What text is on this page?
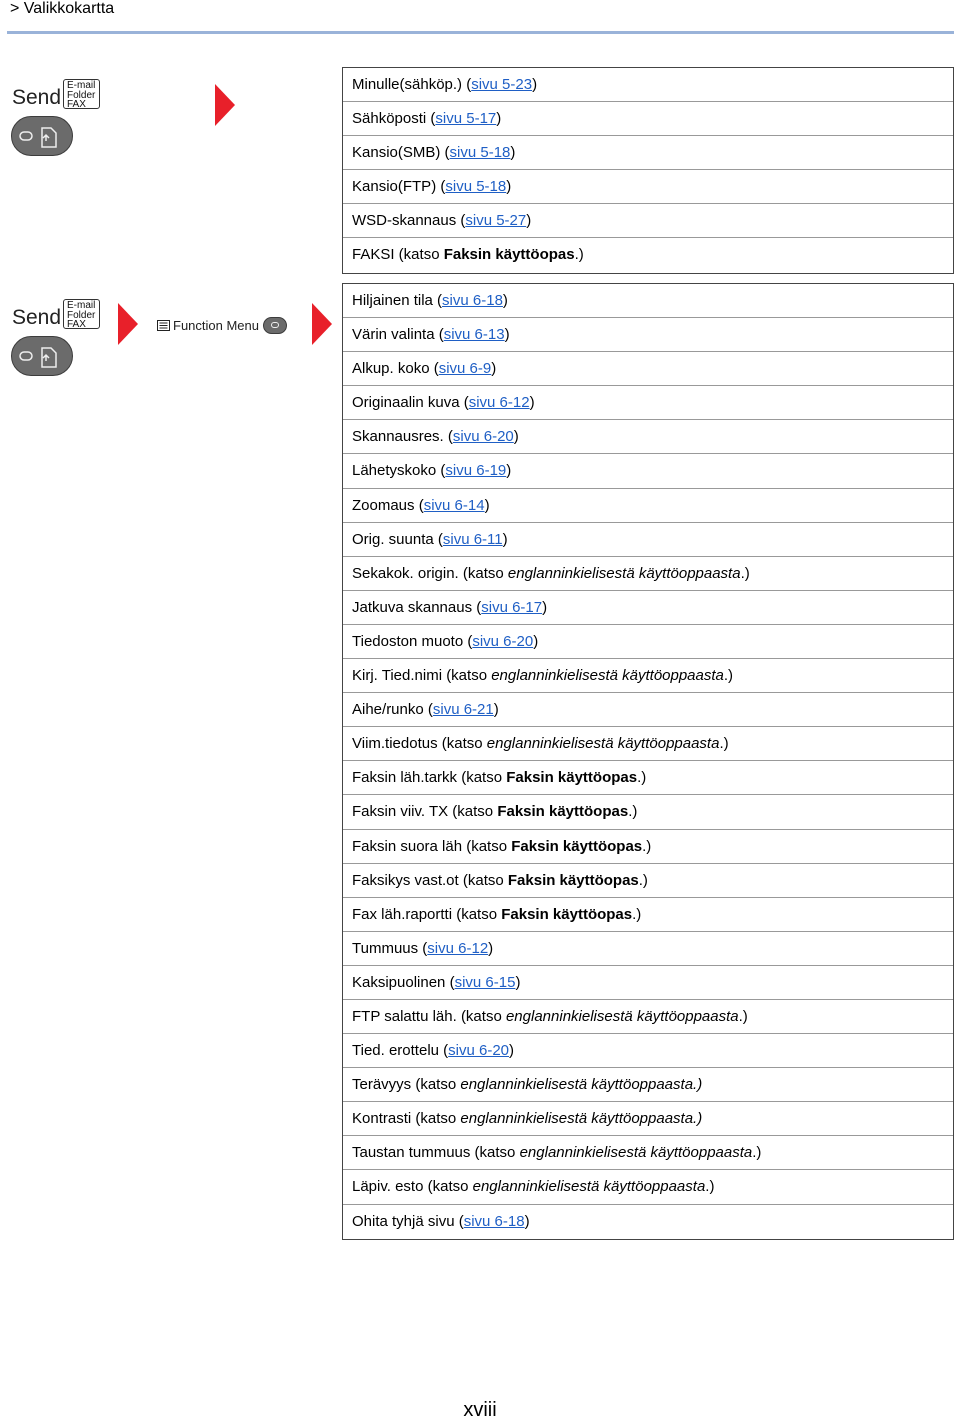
> Valikkokartta
Send
E-mail
Folder
FAX
Send
E-mail
Folder
FAX	Function Menu
Minulle(sähköp.) (sivu 5-23)
Sähköposti (sivu 5-17)
Kansio(SMB) (sivu 5-18)
Kansio(FTP) (sivu 5-18)
WSD-skannaus (sivu 5-27)
FAKSI (katso Faksin käyttöopas.)
Hiljainen tila (sivu 6-18)
Värin valinta (sivu 6-13)
Alkup. koko (sivu 6-9)
Originaalin kuva (sivu 6-12)
Skannausres. (sivu 6-20)
Lähetyskoko (sivu 6-19)
Zoomaus (sivu 6-14)
Orig. suunta (sivu 6-11)
Sekakok. origin. (katso englanninkielisestä käyttöoppaasta.)
Jatkuva skannaus (sivu 6-17)
Tiedoston muoto (sivu 6-20)
Kirj. Tied.nimi (katso englanninkielisestä käyttöoppaasta.)
Aihe/runko (sivu 6-21)
Viim.tiedotus (katso englanninkielisestä käyttöoppaasta.)
Faksin läh.tarkk (katso Faksin käyttöopas.)
Faksin viiv. TX (katso Faksin käyttöopas.)
Faksin suora läh (katso Faksin käyttöopas.)
Faksikys vast.ot (katso Faksin käyttöopas.)
Fax läh.raportti (katso Faksin käyttöopas.)
Tummuus (sivu 6-12)
Kaksipuolinen (sivu 6-15)
FTP salattu läh. (katso englanninkielisestä käyttöoppaasta.)
Tied. erottelu (sivu 6-20)
Terävyys (katso englanninkielisestä käyttöoppaasta.)
Kontrasti (katso englanninkielisestä käyttöoppaasta.)
Taustan tummuus (katso englanninkielisestä käyttöoppaasta.)
Läpiv. esto (katso englanninkielisestä käyttöoppaasta.)
Ohita tyhjä sivu (sivu 6-18)
xviii
